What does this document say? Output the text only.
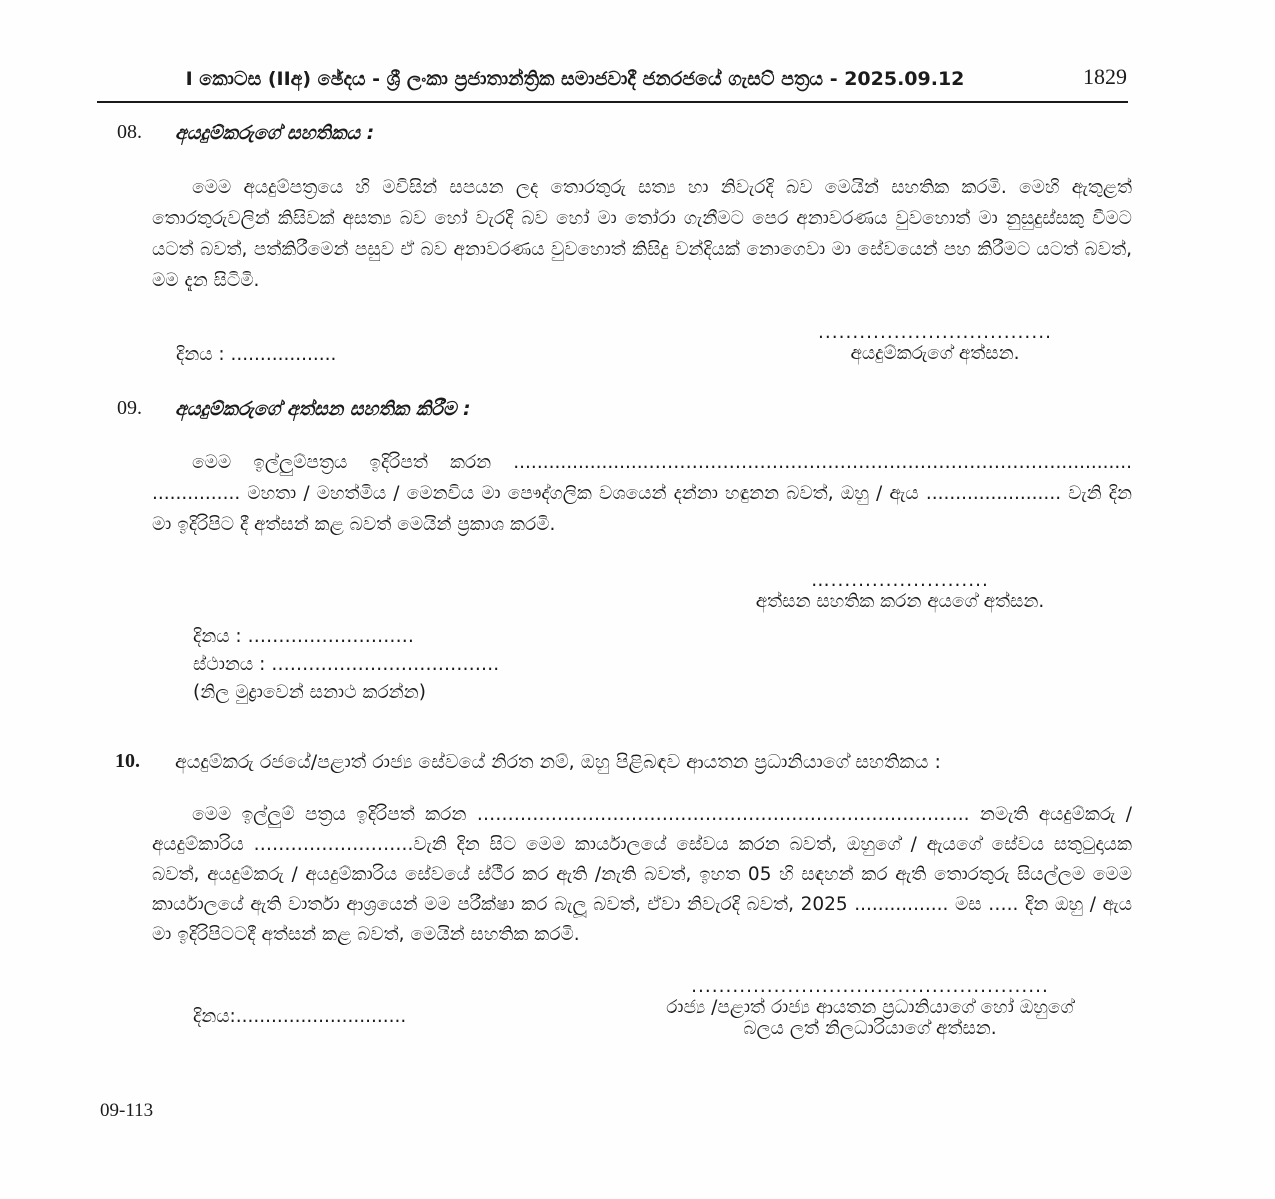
I කොටස (IIඅ) ඡේදය - ශ්‍රී ලංකා ප්‍රජාතාන්ත්‍රික සමාජවාදී ජනරජයේ ගැසට් පත්‍රය - 2025.09.12	1829
08. අයදුම්කරුගේ සහතිකය :
මෙම අයදුම්පත්‍රයෙ හි මවිසින් සපයන ලද තොරතුරු සත්‍ය හා නිවැරදි බව මෙයින් සහතික කරමි. මෙහි ඇතුළත් තොරතුරුවලින් කිසිවක් අසත්‍ය බව හෝ වැරදි බව හෝ මා තෝරා ගැනීමට පෙර අනාවරණය වුවහොත් මා නුසුදුස්සකු වීමට යටත් බවත්, පත්කිරීමෙන් පසුව ඒ බව අනාවරණය වුවහොත් කිසිදු වන්දියක් නොගෙවා මා සේවයෙන් පහ කිරීමට යටත් බවත්, මම දැන සිටිමි.
..................................
අයදුම්කරුගේ අත්සන.
දිනය : ..................
09. අයදුම්කරුගේ අත්සන සහතික කිරීම :
මෙම ඉල්ලුම්පත්‍රය ඉදිරිපත් කරන .......................…………………………………………………………............. ............... මහතා / මහත්මිය / මෙනවිය මා පෞද්ගලික වශයෙන් දන්නා හඳුනන බවත්, ඔහු / ඇය ....................... වැනි දින මා ඉදිරිපිට දී අත්සන් කළ බවත් මෙයින් ප්‍රකාශ කරමි.
….......................
අත්සන සහතික කරන අයගේ අත්සන.
දිනය : ………………………
ස්ථානය : ……………………………….
(නිල මුද්‍රාවෙන් සනාථ කරන්න)
10. අයදුම්කරු රජයේ/පළාත් රාජ්‍ය සේවයේ නිරත නම්, ඔහු පිළිබඳව ආයතන ප්‍රධානියාගේ සහතිකය :
මෙම ඉල්ලුම් පත්‍රය ඉදිරිපත් කරන …………………………………………………………………….. නමැති අයදුම්කරු / අයදුම්කාරිය ……………………..වැනි දින සිට මෙම කාර්යාලයේ සේවය කරන බවත්, ඔහුගේ / ඇයගේ සේවය සතුටුදායක බවත්, අයදුම්කරු / අයදුම්කාරිය සේවයේ ස්ථීර කර ඇති /නැති බවත්, ඉහත 05 හි සඳහන් කර ඇති තොරතුරු සියල්ලම මෙම කාර්යාලයේ ඇති වාර්තා ආශ්‍රයෙන් මම පරීක්ෂා කර බැලූ බවත්, ඒවා නිවැරදි බවත්, 2025 ................ මස ….. දින ඔහු / ඇය මා ඉදිරිපිටටදී අත්සන් කළ බවත්, මෙයින් සහතික කරමි.
දිනය:.............................
....................................................
රාජ්‍ය /පළාත් රාජ්‍ය ආයතන ප්‍රධානියාගේ හෝ ඔහුගේ
බලය ලත් නිලධාරියාගේ අත්සන.
09-113
